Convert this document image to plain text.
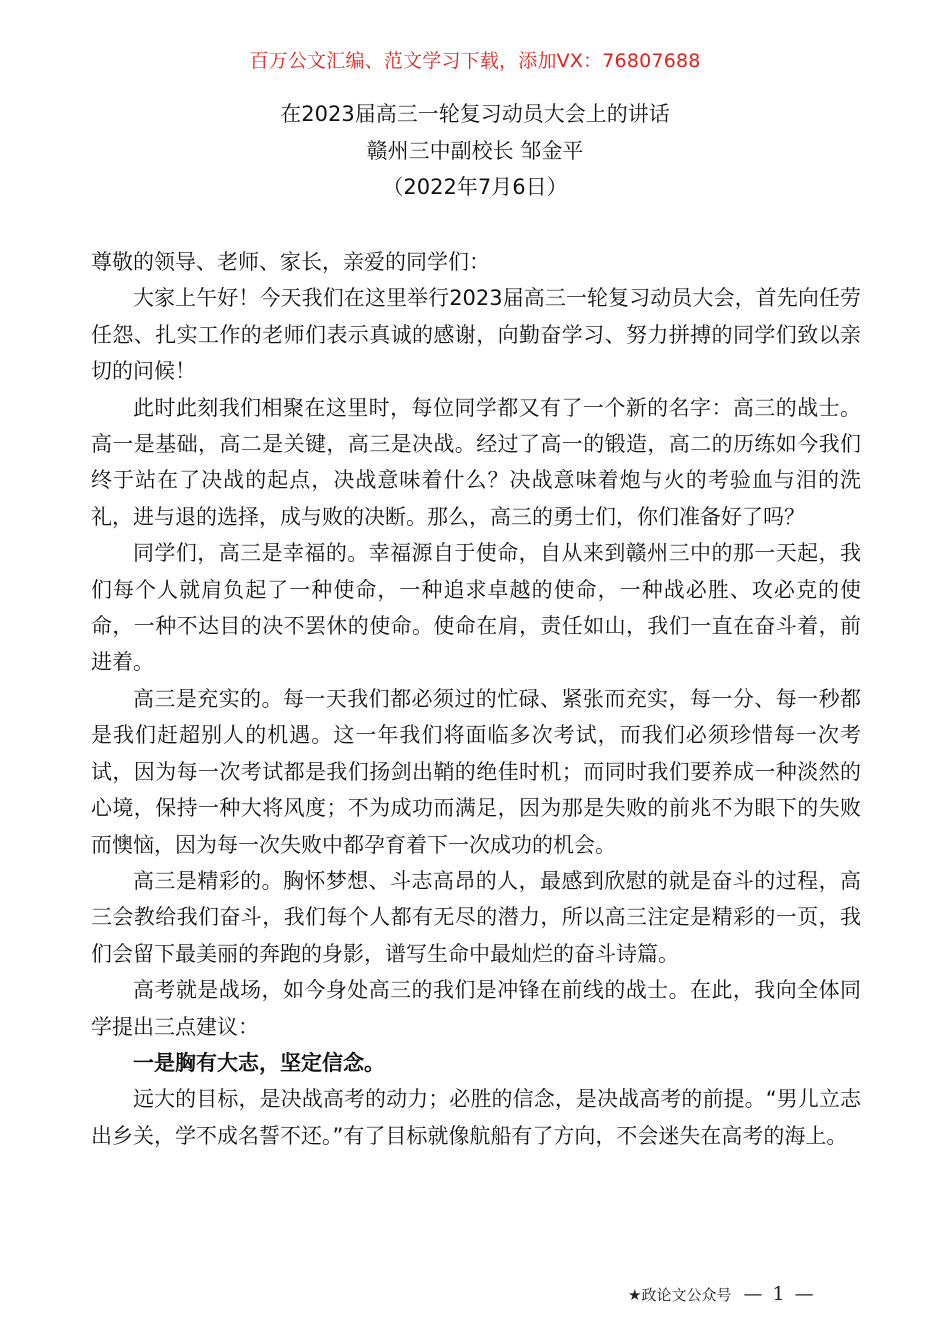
百万公文汇编、范文学习下载，添加VX：76807688
在2023届高三一轮复习动员大会上的讲话
赣州三中副校长 邹金平
（2022年7月6日）

尊敬的领导、老师、家长，亲爱的同学们：

大家上午好！今天我们在这里举行2023届高三一轮复习动员大会，首先向任劳任怨、扎实工作的老师们表示真诚的感谢，向勤奋学习、努力拼搏的同学们致以亲切的问候！

此时此刻我们相聚在这里时，每位同学都又有了一个新的名字：高三的战士。高一是基础，高二是关键，高三是决战。经过了高一的锻造，高二的历练如今我们终于站在了决战的起点，决战意味着什么？决战意味着炮与火的考验血与泪的洗礼，进与退的选择，成与败的决断。那么，高三的勇士们，你们准备好了吗？

同学们，高三是幸福的。幸福源自于使命，自从来到赣州三中的那一天起，我们每个人就肩负起了一种使命，一种追求卓越的使命，一种战必胜、攻必克的使命，一种不达目的决不罢休的使命。使命在肩，责任如山，我们一直在奋斗着，前进着。

高三是充实的。每一天我们都必须过的忙碌、紧张而充实，每一分、每一秒都是我们赶超别人的机遇。这一年我们将面临多次考试，而我们必须珍惜每一次考试，因为每一次考试都是我们扬剑出鞘的绝佳时机；而同时我们要养成一种淡然的心境，保持一种大将风度；不为成功而满足，因为那是失败的前兆不为眼下的失败而懊恼，因为每一次失败中都孕育着下一次成功的机会。

高三是精彩的。胸怀梦想、斗志高昂的人，最感到欣慰的就是奋斗的过程，高三会教给我们奋斗，我们每个人都有无尽的潜力，所以高三注定是精彩的一页，我们会留下最美丽的奔跑的身影，谱写生命中最灿烂的奋斗诗篇。

高考就是战场，如今身处高三的我们是冲锋在前线的战士。在此，我向全体同学提出三点建议：

一是胸有大志，坚定信念。

远大的目标，是决战高考的动力；必胜的信念，是决战高考的前提。“男儿立志出乡关，学不成名誓不还。”有了目标就像航船有了方向，不会迷失在高考的海上。

★政论文公众号 — 1 —
